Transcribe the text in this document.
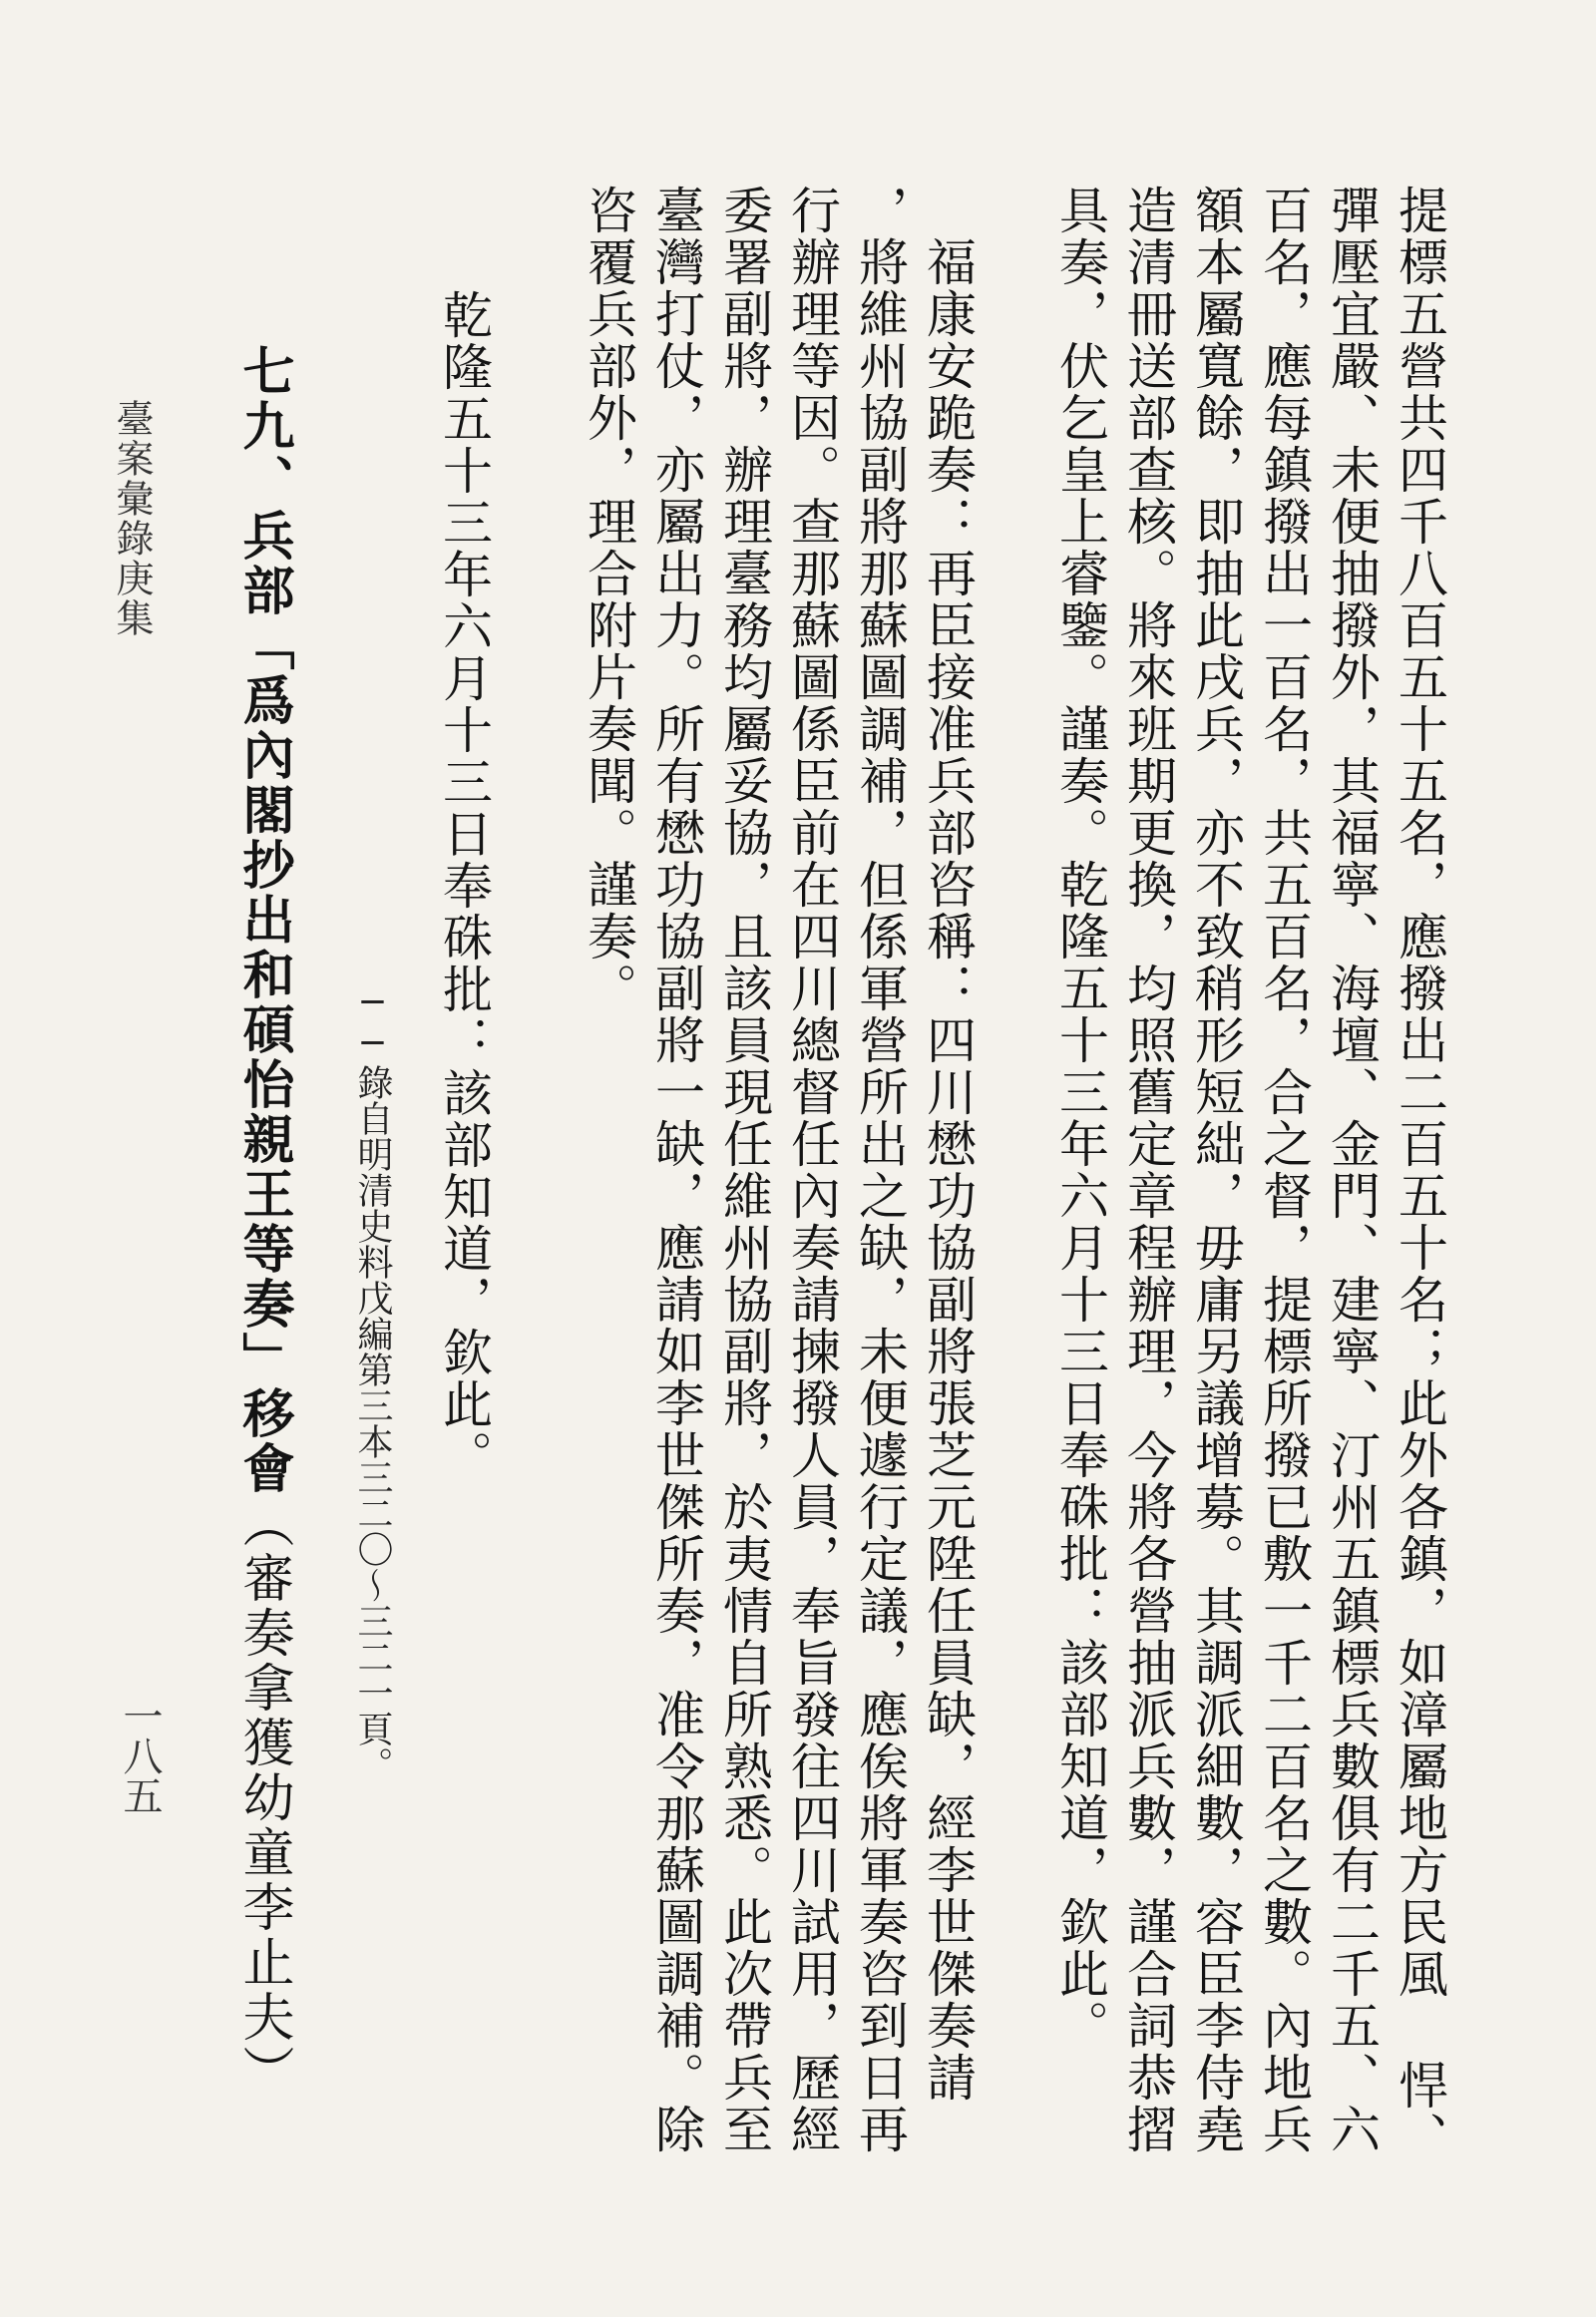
提標五營共四千八百五十五名，應撥出二百五十名；此外各鎮，如漳屬地方民風 悍、
彈壓宜嚴、未便抽撥外，其福寧、海壇、金門、建寧、汀州五鎮標兵數俱有二千五、六
百名，應每鎮撥出一百名，共五百名，合之督，提標所撥已敷一千二百名之數。內地兵
額本屬寬餘，即抽此戌兵，亦不致稍形短絀，毋庸另議增募。其調派細數，容臣李侍堯
造清冊送部查核。將來班期更換，均照舊定章程辦理，今將各營抽派兵數，謹合詞恭摺
具奏，伏乞皇上睿鑒。謹奏。乾隆五十三年六月十三日奉硃批：該部知道，欽此。
　福康安跪奏：再臣接准兵部咨稱：四川懋功協副將張芝元陞任員缺，經李世傑奏請
，將維州協副將那蘇圖調補，但係軍營所出之缺，未便遽行定議，應俟將軍奏咨到日再
行辦理等因。查那蘇圖係臣前在四川總督任內奏請揀撥人員，奉旨發往四川試用，歷經
委署副將，辦理臺務均屬妥協，且該員現任維州協副將，於夷情自所熟悉。此次帶兵至
臺灣打仗，亦屬出力。所有懋功協副將一缺，應請如李世傑所奏，准令那蘇圖調補。除
咨覆兵部外，理合附片奏聞。謹奏。
──錄自明清史料戊編第三本三二〇～三二一頁。 乾隆五十三年六月十三日奉硃批：該部知道，欽此。
七九、兵部「爲內閣抄出和碩怡親王等奏」移會（審奏拿獲幼童李止夫）
臺案彙錄庚集
一八五
